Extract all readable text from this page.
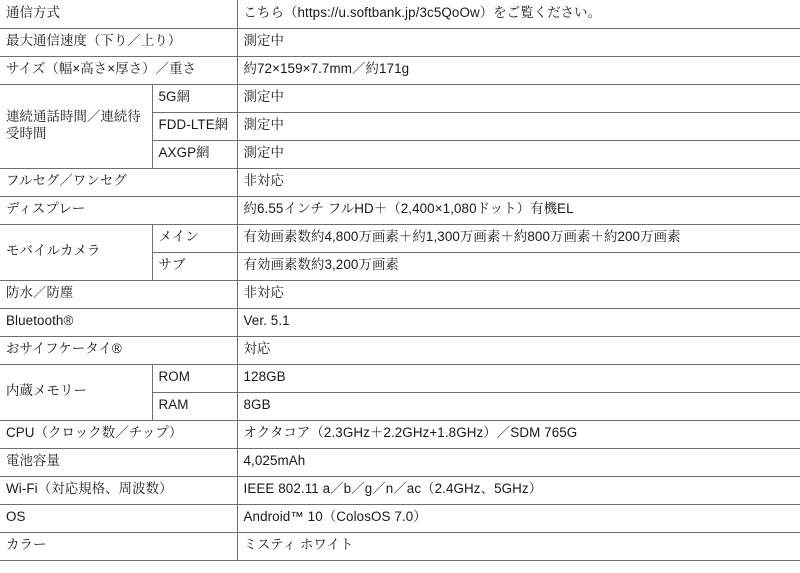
通信方式		こちら（https://u.softbank.jp/3c5QoOw）をご覧ください。
最大通信速度（下り／上り）		測定中
サイズ（幅×高さ×厚さ）／重さ		約72×159×7.7mm／約171g
連続通話時間／連続待受時間	5G網	測定中
	FDD-LTE網	測定中
	AXGP網	測定中
フルセグ／ワンセグ		非対応
ディスプレー		約6.55インチ フルHD＋（2,400×1,080ドット）有機EL
モバイルカメラ	メイン	有効画素数約4,800万画素＋約1,300万画素＋約800万画素＋約200万画素
	サブ	有効画素数約3,200万画素
防水／防塵		非対応
Bluetooth®		Ver. 5.1
おサイフケータイ®		対応
内蔵メモリー	ROM	128GB
	RAM	8GB
CPU（クロック数／チップ）		オクタコア（2.3GHz＋2.2GHz+1.8GHz）／SDM 765G
電池容量		4,025mAh
Wi-Fi（対応規格、周波数）		IEEE 802.11 a／b／g／n／ac（2.4GHz、5GHz）
OS		Android™ 10（ColosOS 7.0）
カラー		ミスティ ホワイト
